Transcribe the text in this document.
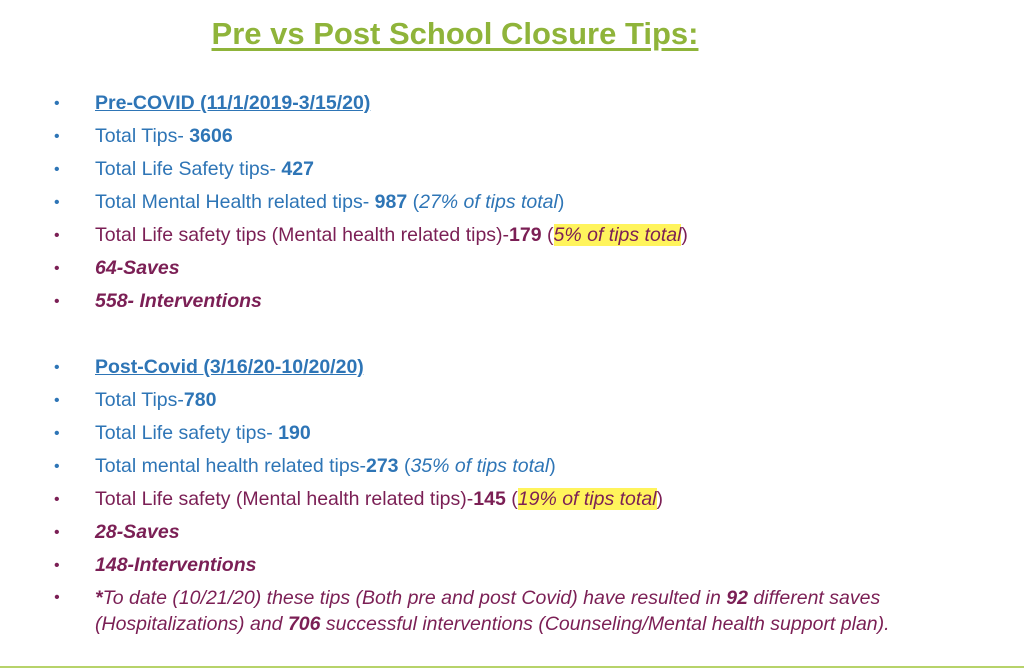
Pre vs Post School Closure Tips:
• Pre-COVID (11/1/2019-3/15/20)
• Total Tips- 3606
• Total Life Safety tips- 427
• Total Mental Health related tips- 987 (27% of tips total)
• Total Life safety tips (Mental health related tips)-179 (5% of tips total)
• 64-Saves
• 558- Interventions
• Post-Covid (3/16/20-10/20/20)
• Total Tips-780
• Total Life safety tips- 190
• Total mental health related tips-273 (35% of tips total)
• Total Life safety (Mental health related tips)-145 (19% of tips total)
• 28-Saves
• 148-Interventions
• *To date (10/21/20) these tips (Both pre and post Covid) have resulted in 92 different saves (Hospitalizations) and 706 successful interventions (Counseling/Mental health support plan).
